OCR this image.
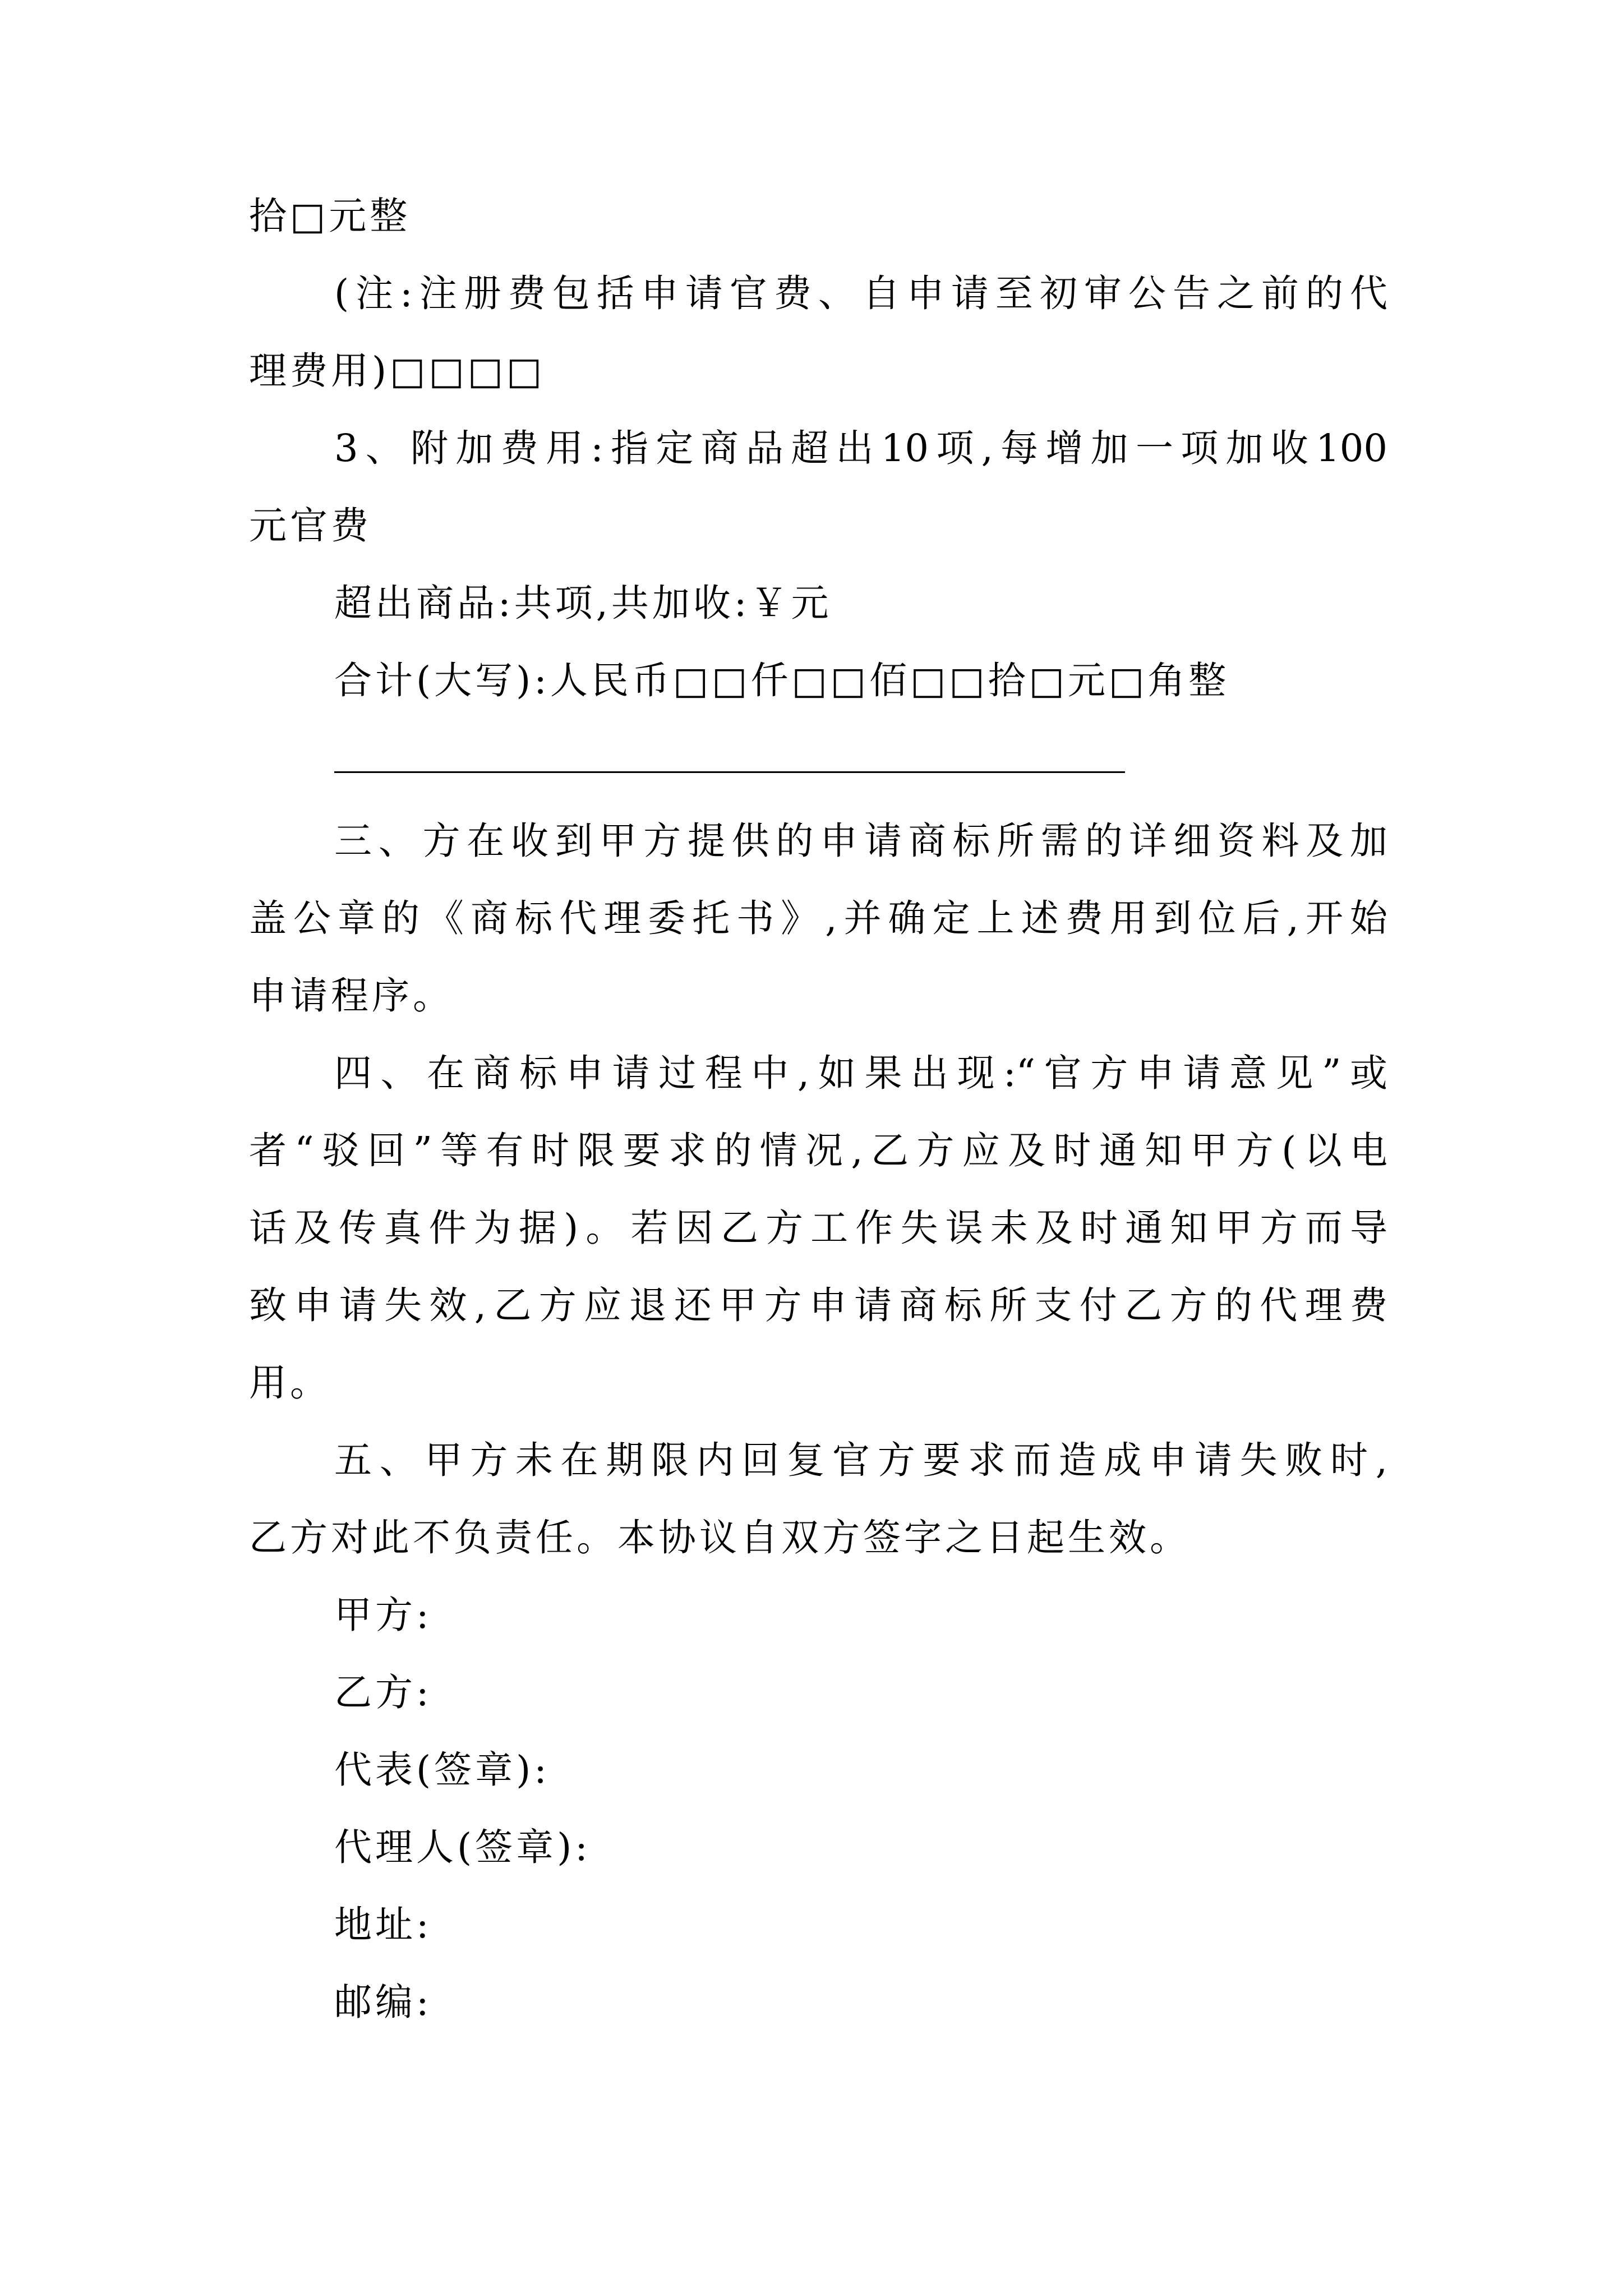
拾□元整
(注:注册费包括申请官费、自申请至初审公告之前的代
理费用)□□□□
3、附加费用:指定商品超出10项,每增加一项加收100
元官费
超出商品:共项,共加收:￥元
合计(大写):人民币□□仟□□佰□□拾□元□角整
三、方在收到甲方提供的申请商标所需的详细资料及加
盖公章的《商标代理委托书》,并确定上述费用到位后,开始
申请程序。
四、在商标申请过程中,如果出现:“官方申请意见”或
者“驳回”等有时限要求的情况,乙方应及时通知甲方(以电
话及传真件为据)。若因乙方工作失误未及时通知甲方而导
致申请失效,乙方应退还甲方申请商标所支付乙方的代理费
用。
五、甲方未在期限内回复官方要求而造成申请失败时,
乙方对此不负责任。本协议自双方签字之日起生效。
甲方:
乙方:
代表(签章):
代理人(签章):
地址:
邮编:
